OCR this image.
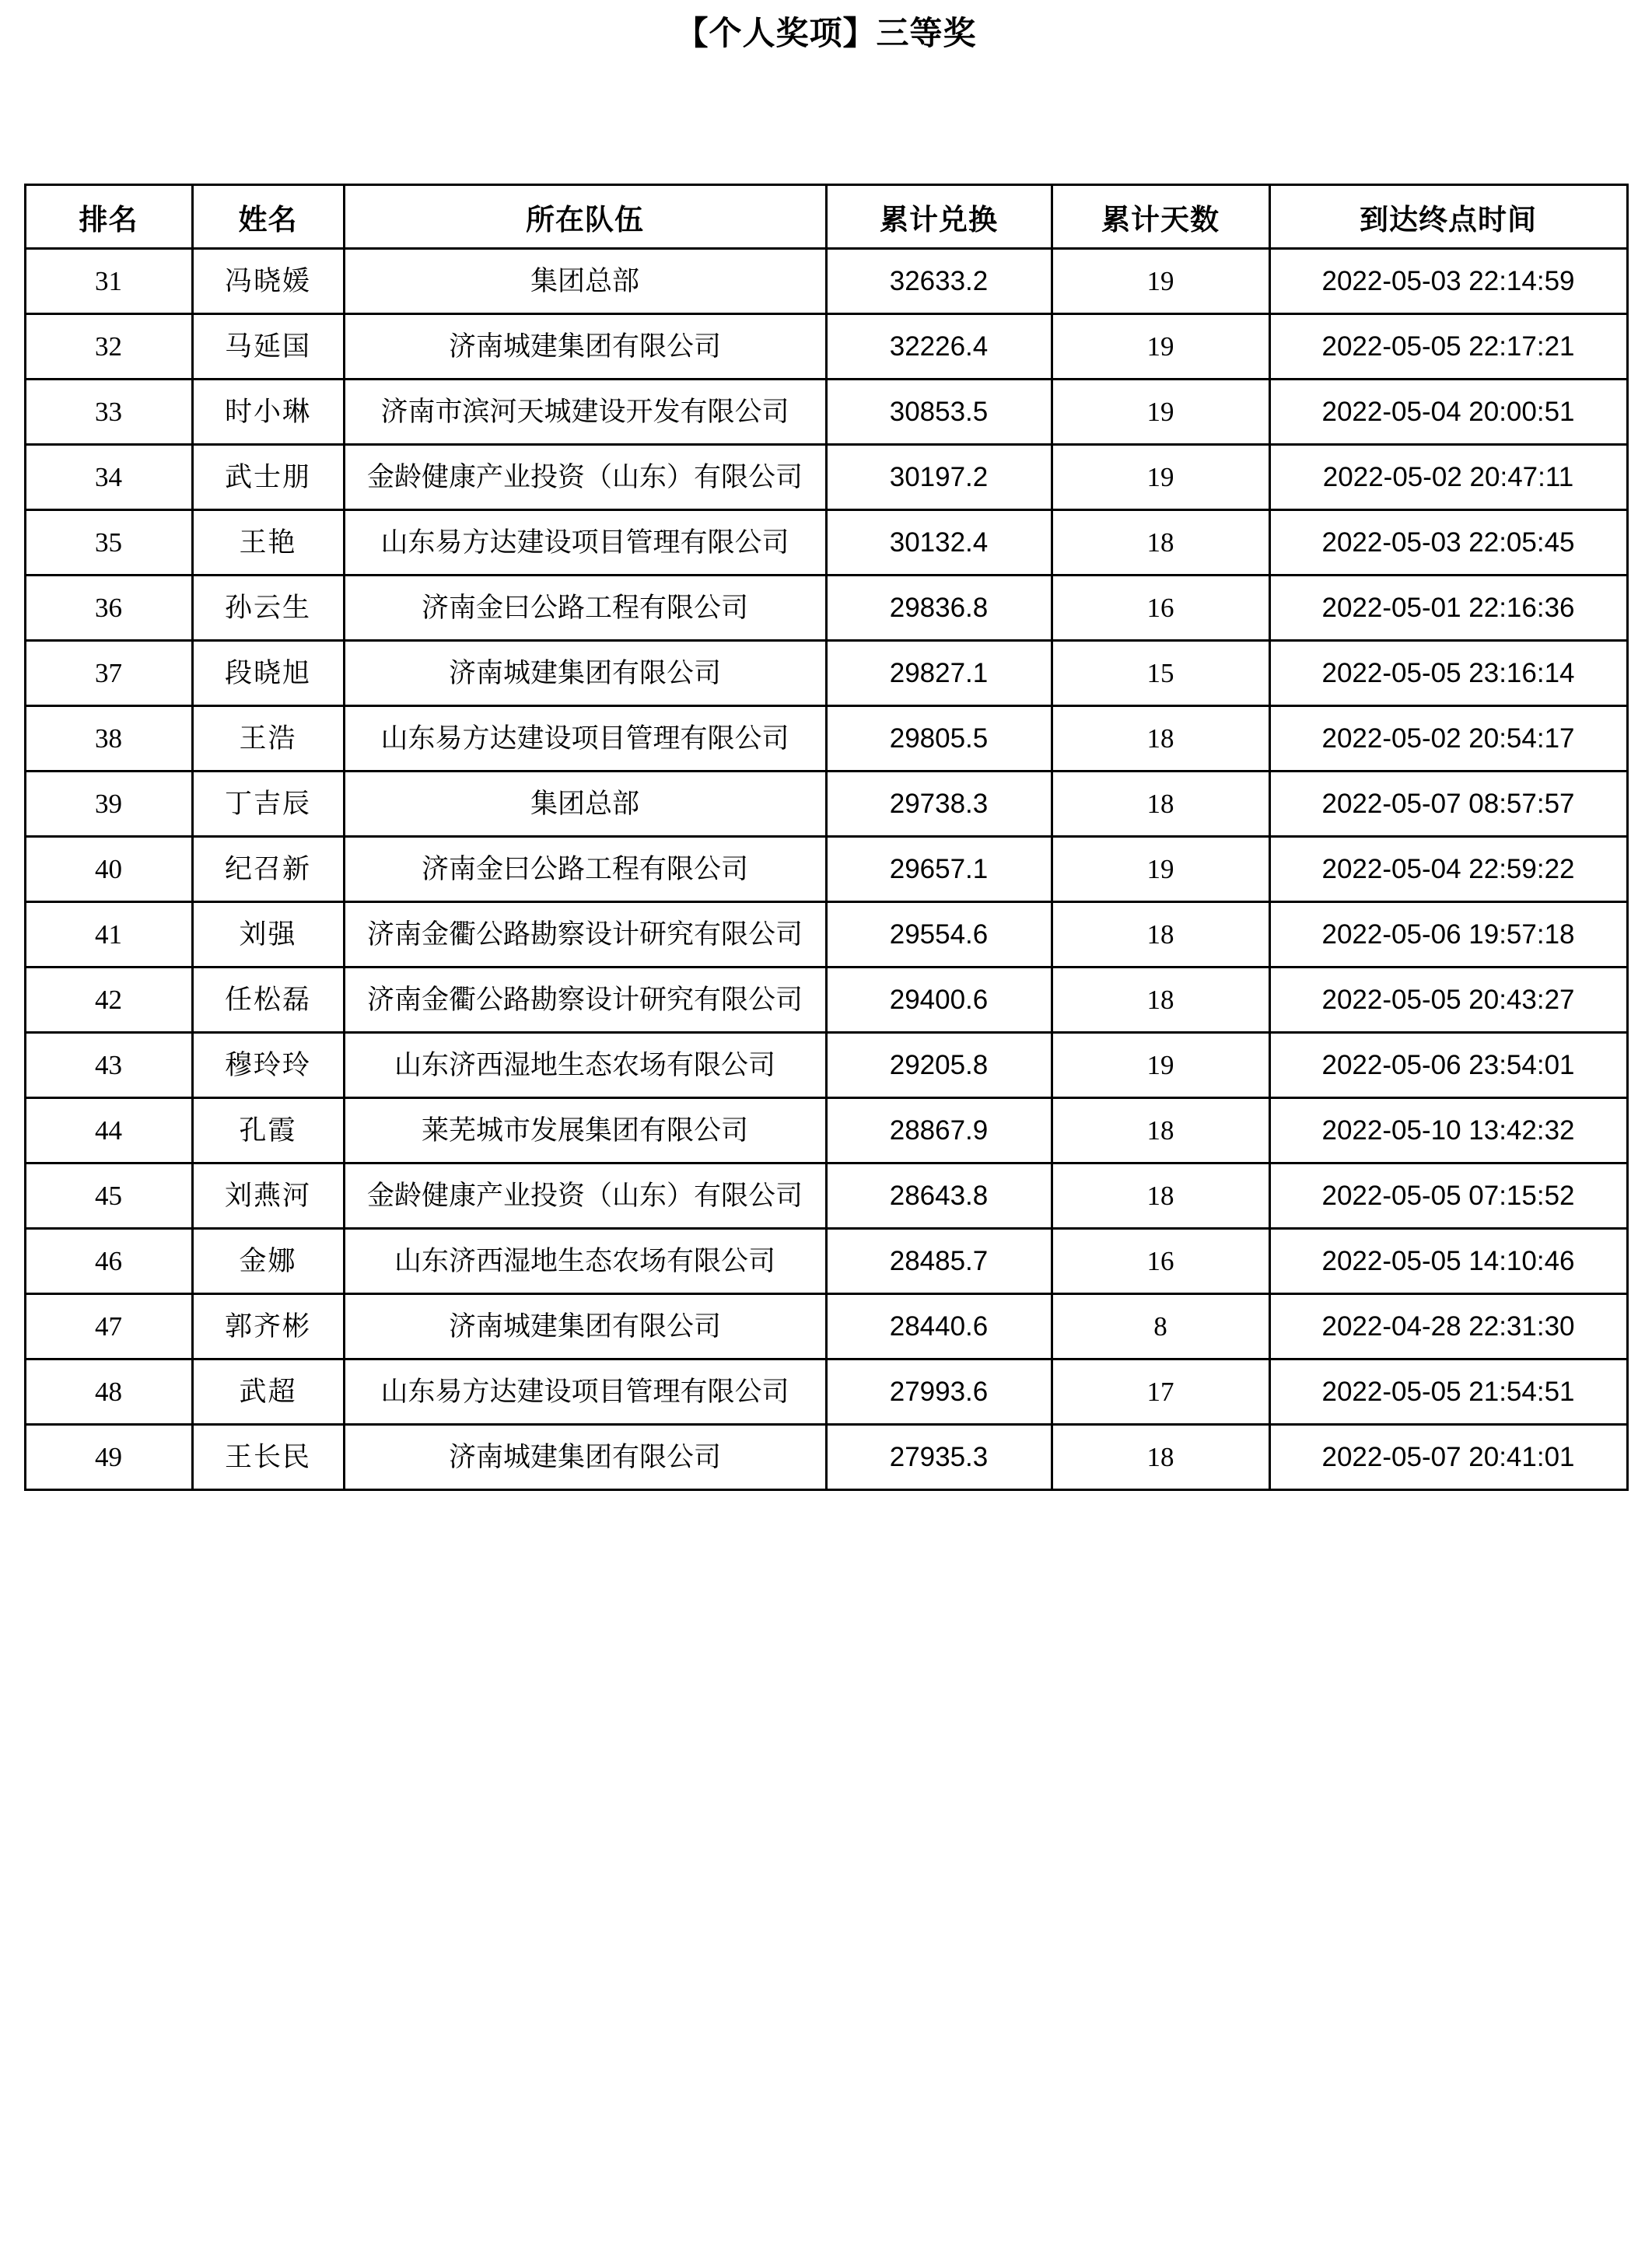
【个人奖项】三等奖
排名	姓名	所在队伍	累计兑换	累计天数	到达终点时间
31	冯晓媛	集团总部	32633.2	19	2022-05-03 22:14:59
32	马延国	济南城建集团有限公司	32226.4	19	2022-05-05 22:17:21
33	时小琳	济南市滨河天城建设开发有限公司	30853.5	19	2022-05-04 20:00:51
34	武士朋	金龄健康产业投资（山东）有限公司	30197.2	19	2022-05-02 20:47:11
35	王艳	山东易方达建设项目管理有限公司	30132.4	18	2022-05-03 22:05:45
36	孙云生	济南金曰公路工程有限公司	29836.8	16	2022-05-01 22:16:36
37	段晓旭	济南城建集团有限公司	29827.1	15	2022-05-05 23:16:14
38	王浩	山东易方达建设项目管理有限公司	29805.5	18	2022-05-02 20:54:17
39	丁吉辰	集团总部	29738.3	18	2022-05-07 08:57:57
40	纪召新	济南金曰公路工程有限公司	29657.1	19	2022-05-04 22:59:22
41	刘强	济南金衢公路勘察设计研究有限公司	29554.6	18	2022-05-06 19:57:18
42	任松磊	济南金衢公路勘察设计研究有限公司	29400.6	18	2022-05-05 20:43:27
43	穆玲玲	山东济西湿地生态农场有限公司	29205.8	19	2022-05-06 23:54:01
44	孔霞	莱芜城市发展集团有限公司	28867.9	18	2022-05-10 13:42:32
45	刘燕河	金龄健康产业投资（山东）有限公司	28643.8	18	2022-05-05 07:15:52
46	金娜	山东济西湿地生态农场有限公司	28485.7	16	2022-05-05 14:10:46
47	郭齐彬	济南城建集团有限公司	28440.6	8	2022-04-28 22:31:30
48	武超	山东易方达建设项目管理有限公司	27993.6	17	2022-05-05 21:54:51
49	王长民	济南城建集团有限公司	27935.3	18	2022-05-07 20:41:01
